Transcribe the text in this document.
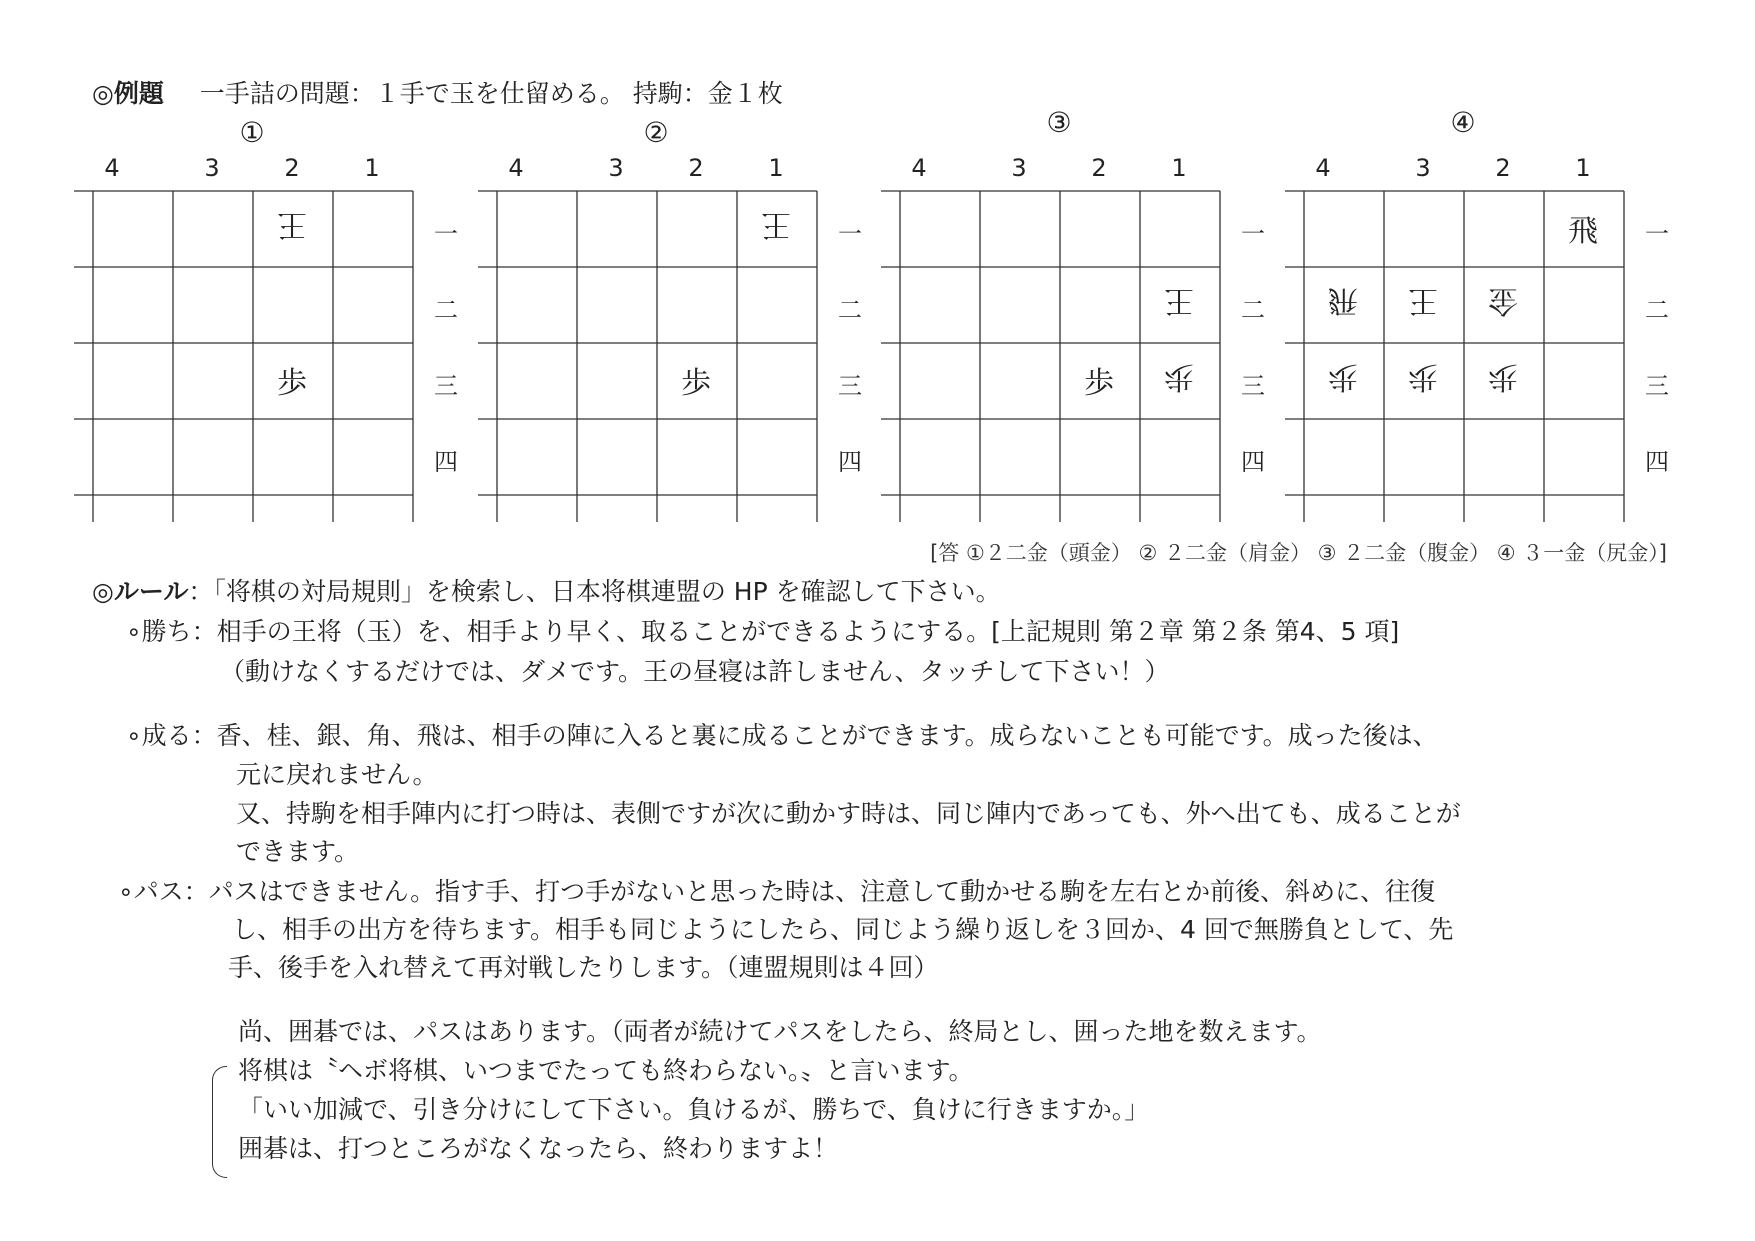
◎例題 一手詰の問題：１手で玉を仕留める。 持駒：金１枚
①
4	3	2	1
一
二
三
四
王
歩
②
4	3	2	1
一
二
三
四
王
歩
③
4	3	2	1
一
二
三
四
王
歩
歩
④
4	3	2	1
一
二
三
四
飛
飛	王	金
歩	歩	歩
[答 ①２二金（頭金） ② ２二金（肩金） ③ ２二金（腹金） ④ ３一金（尻金）]
◎ルール：「将棋の対局規則」を検索し、日本将棋連盟の HP を確認して下さい。
∘勝ち：相手の王将（玉）を、相手より早く、取ることができるようにする。[上記規則 第２章 第２条 第4、5 項]
（動けなくするだけでは、ダメです。王の昼寝は許しません、タッチして下さい！）
∘成る：香、桂、銀、角、飛は、相手の陣に入ると裏に成ることができます。成らないことも可能です。成った後は、
元に戻れません。
又、持駒を相手陣内に打つ時は、表側ですが次に動かす時は、同じ陣内であっても、外へ出ても、成ることが
できます。
∘パス：パスはできません。指す手、打つ手がないと思った時は、注意して動かせる駒を左右とか前後、斜めに、往復
し、相手の出方を待ちます。相手も同じようにしたら、同じよう繰り返しを３回か、4 回で無勝負として、先
手、後手を入れ替えて再対戦したりします。（連盟規則は４回）
尚、囲碁では、パスはあります。（両者が続けてパスをしたら、終局とし、囲った地を数えます。
将棋は〝ヘボ将棋、いつまでたっても終わらない。〟と言います。
「いい加減で、引き分けにして下さい。負けるが、勝ちで、負けに行きますか。」
囲碁は、打つところがなくなったら、終わりますよ！
